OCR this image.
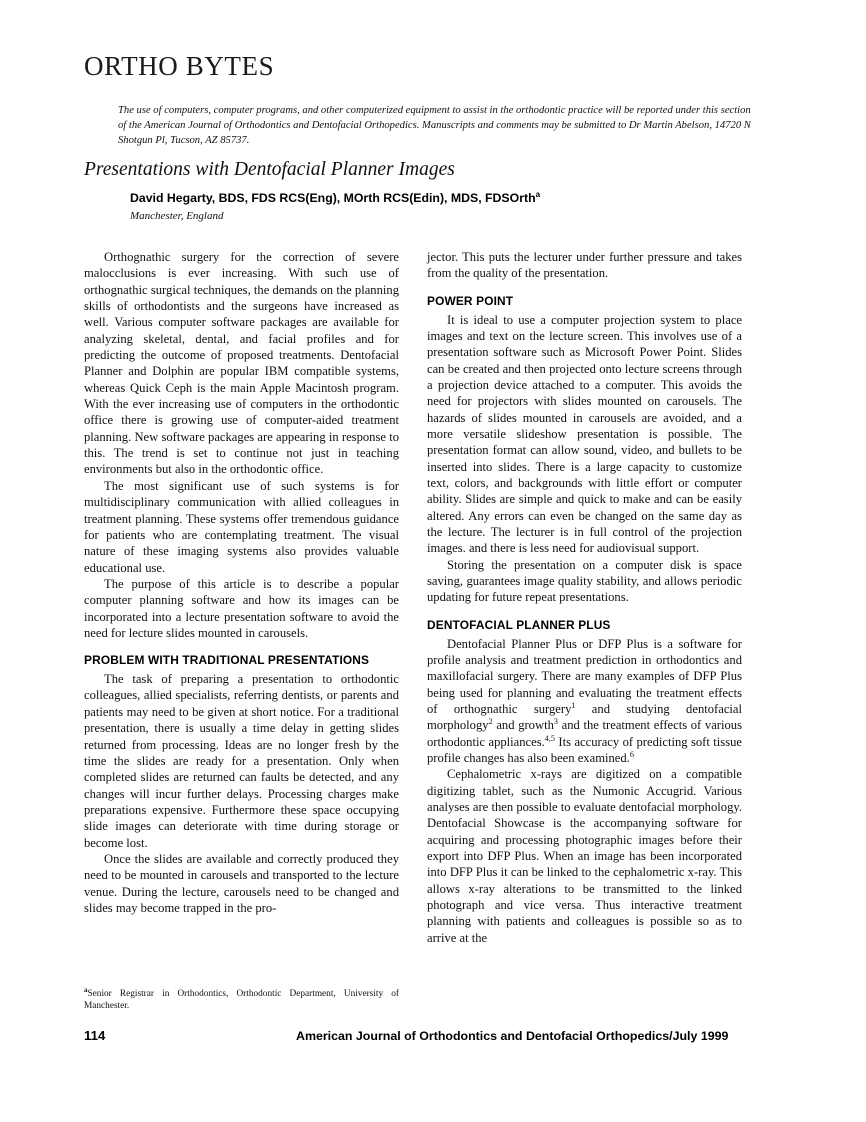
ORTHO BYTES
The use of computers, computer programs, and other computerized equipment to assist in the orthodontic practice will be reported under this section of the American Journal of Orthodontics and Dentofacial Orthopedics. Manuscripts and comments may be submitted to Dr Martin Abelson, 14720 N Shotgun Pl, Tucson, AZ 85737.
Presentations with Dentofacial Planner Images
David Hegarty, BDS, FDS RCS(Eng), MOrth RCS(Edin), MDS, FDSOrth$^a$
Manchester, England

Orthognathic surgery for the correction of severe malocclusions is ever increasing. With such use of orthognathic surgical techniques, the demands on the planning skills of orthodontists and the surgeons have increased as well. Various computer software packages are available for analyzing skeletal, dental, and facial profiles and for predicting the outcome of proposed treatments. Dentofacial Planner and Dolphin are popular IBM compatible systems, whereas Quick Ceph is the main Apple Macintosh program. With the ever increasing use of computers in the orthodontic office there is growing use of computer-aided treatment planning. New software packages are appearing in response to this. The trend is set to continue not just in teaching environments but also in the orthodontic office.

The most significant use of such systems is for multidisciplinary communication with allied colleagues in treatment planning. These systems offer tremendous guidance for patients who are contemplating treatment. The visual nature of these imaging systems also provides valuable educational use.

The purpose of this article is to describe a popular computer planning software and how its images can be incorporated into a lecture presentation software to avoid the need for lecture slides mounted in carousels.

PROBLEM WITH TRADITIONAL PRESENTATIONS

The task of preparing a presentation to orthodontic colleagues, allied specialists, referring dentists, or parents and patients may need to be given at short notice. For a traditional presentation, there is usually a time delay in getting slides returned from processing. Ideas are no longer fresh by the time the slides are ready for a presentation. Only when completed slides are returned can faults be detected, and any changes will incur further delays. Processing charges make preparations expensive. Furthermore these space occupying slide images can deteriorate with time during storage or become lost.

Once the slides are available and correctly produced they need to be mounted in carousels and transported to the lecture venue. During the lecture, carousels need to be changed and slides may become trapped in the pro-

jector. This puts the lecturer under further pressure and takes from the quality of the presentation.

POWER POINT

It is ideal to use a computer projection system to place images and text on the lecture screen. This involves use of a presentation software such as Microsoft Power Point. Slides can be created and then projected onto lecture screens through a projection device attached to a computer. This avoids the need for projectors with slides mounted on carousels. The hazards of slides mounted in carousels are avoided, and a more versatile slideshow presentation is possible. The presentation format can allow sound, video, and bullets to be inserted into slides. There is a large capacity to customize text, colors, and backgrounds with little effort or computer ability. Slides are simple and quick to make and can be easily altered. Any errors can even be changed on the same day as the lecture. The lecturer is in full control of the projection images. and there is less need for audiovisual support.

Storing the presentation on a computer disk is space saving, guarantees image quality stability, and allows periodic updating for future repeat presentations.

DENTOFACIAL PLANNER PLUS

Dentofacial Planner Plus or DFP Plus is a software for profile analysis and treatment prediction in orthodontics and maxillofacial surgery. There are many examples of DFP Plus being used for planning and evaluating the treatment effects of orthognathic surgery$^1$ and studying dentofacial morphology$^2$ and growth$^3$ and the treatment effects of various orthodontic appliances.$^{4,5}$ Its accuracy of predicting soft tissue profile changes has also been examined.$^6$

Cephalometric x-rays are digitized on a compatible digitizing tablet, such as the Numonic Accugrid. Various analyses are then possible to evaluate dentofacial morphology. Dentofacial Showcase is the accompanying software for acquiring and processing photographic images before their export into DFP Plus. When an image has been incorporated into DFP Plus it can be linked to the cephalometric x-ray. This allows x-ray alterations to be transmitted to the linked photograph and vice versa. Thus interactive treatment planning with patients and colleagues is possible so as to arrive at the

$^a$Senior Registrar in Orthodontics, Orthodontic Department, University of Manchester.
114	American Journal of Orthodontics and Dentofacial Orthopedics/July 1999
